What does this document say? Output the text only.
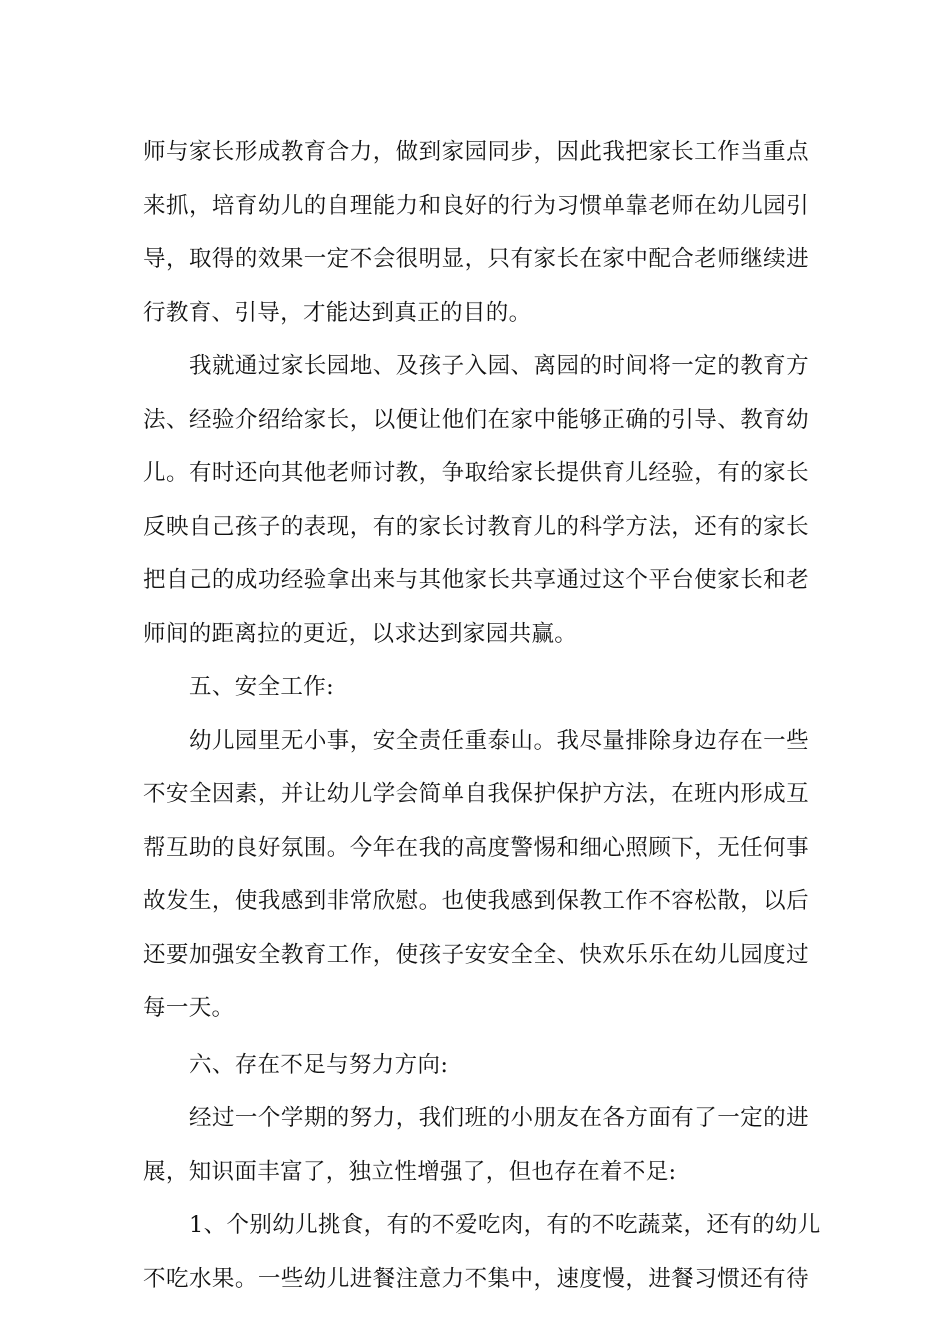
师与家长形成教育合力，做到家园同步，因此我把家长工作当重点
来抓，培育幼儿的自理能力和良好的行为习惯单靠老师在幼儿园引
导，取得的效果一定不会很明显，只有家长在家中配合老师继续进
行教育、引导，才能达到真正的目的。
我就通过家长园地、及孩子入园、离园的时间将一定的教育方
法、经验介绍给家长，以便让他们在家中能够正确的引导、教育幼
儿。有时还向其他老师讨教，争取给家长提供育儿经验，有的家长
反映自己孩子的表现，有的家长讨教育儿的科学方法，还有的家长
把自己的成功经验拿出来与其他家长共享通过这个平台使家长和老
师间的距离拉的更近，以求达到家园共赢。
五、安全工作:
幼儿园里无小事，安全责任重泰山。我尽量排除身边存在一些
不安全因素，并让幼儿学会简单自我保护保护方法，在班内形成互
帮互助的良好氛围。今年在我的高度警惕和细心照顾下，无任何事
故发生，使我感到非常欣慰。也使我感到保教工作不容松散，以后
还要加强安全教育工作，使孩子安安全全、快欢乐乐在幼儿园度过
每一天。
六、存在不足与努力方向:
经过一个学期的努力，我们班的小朋友在各方面有了一定的进
展，知识面丰富了，独立性增强了，但也存在着不足:
1、个别幼儿挑食，有的不爱吃肉，有的不吃蔬菜，还有的幼儿
不吃水果。一些幼儿进餐注意力不集中，速度慢，进餐习惯还有待
